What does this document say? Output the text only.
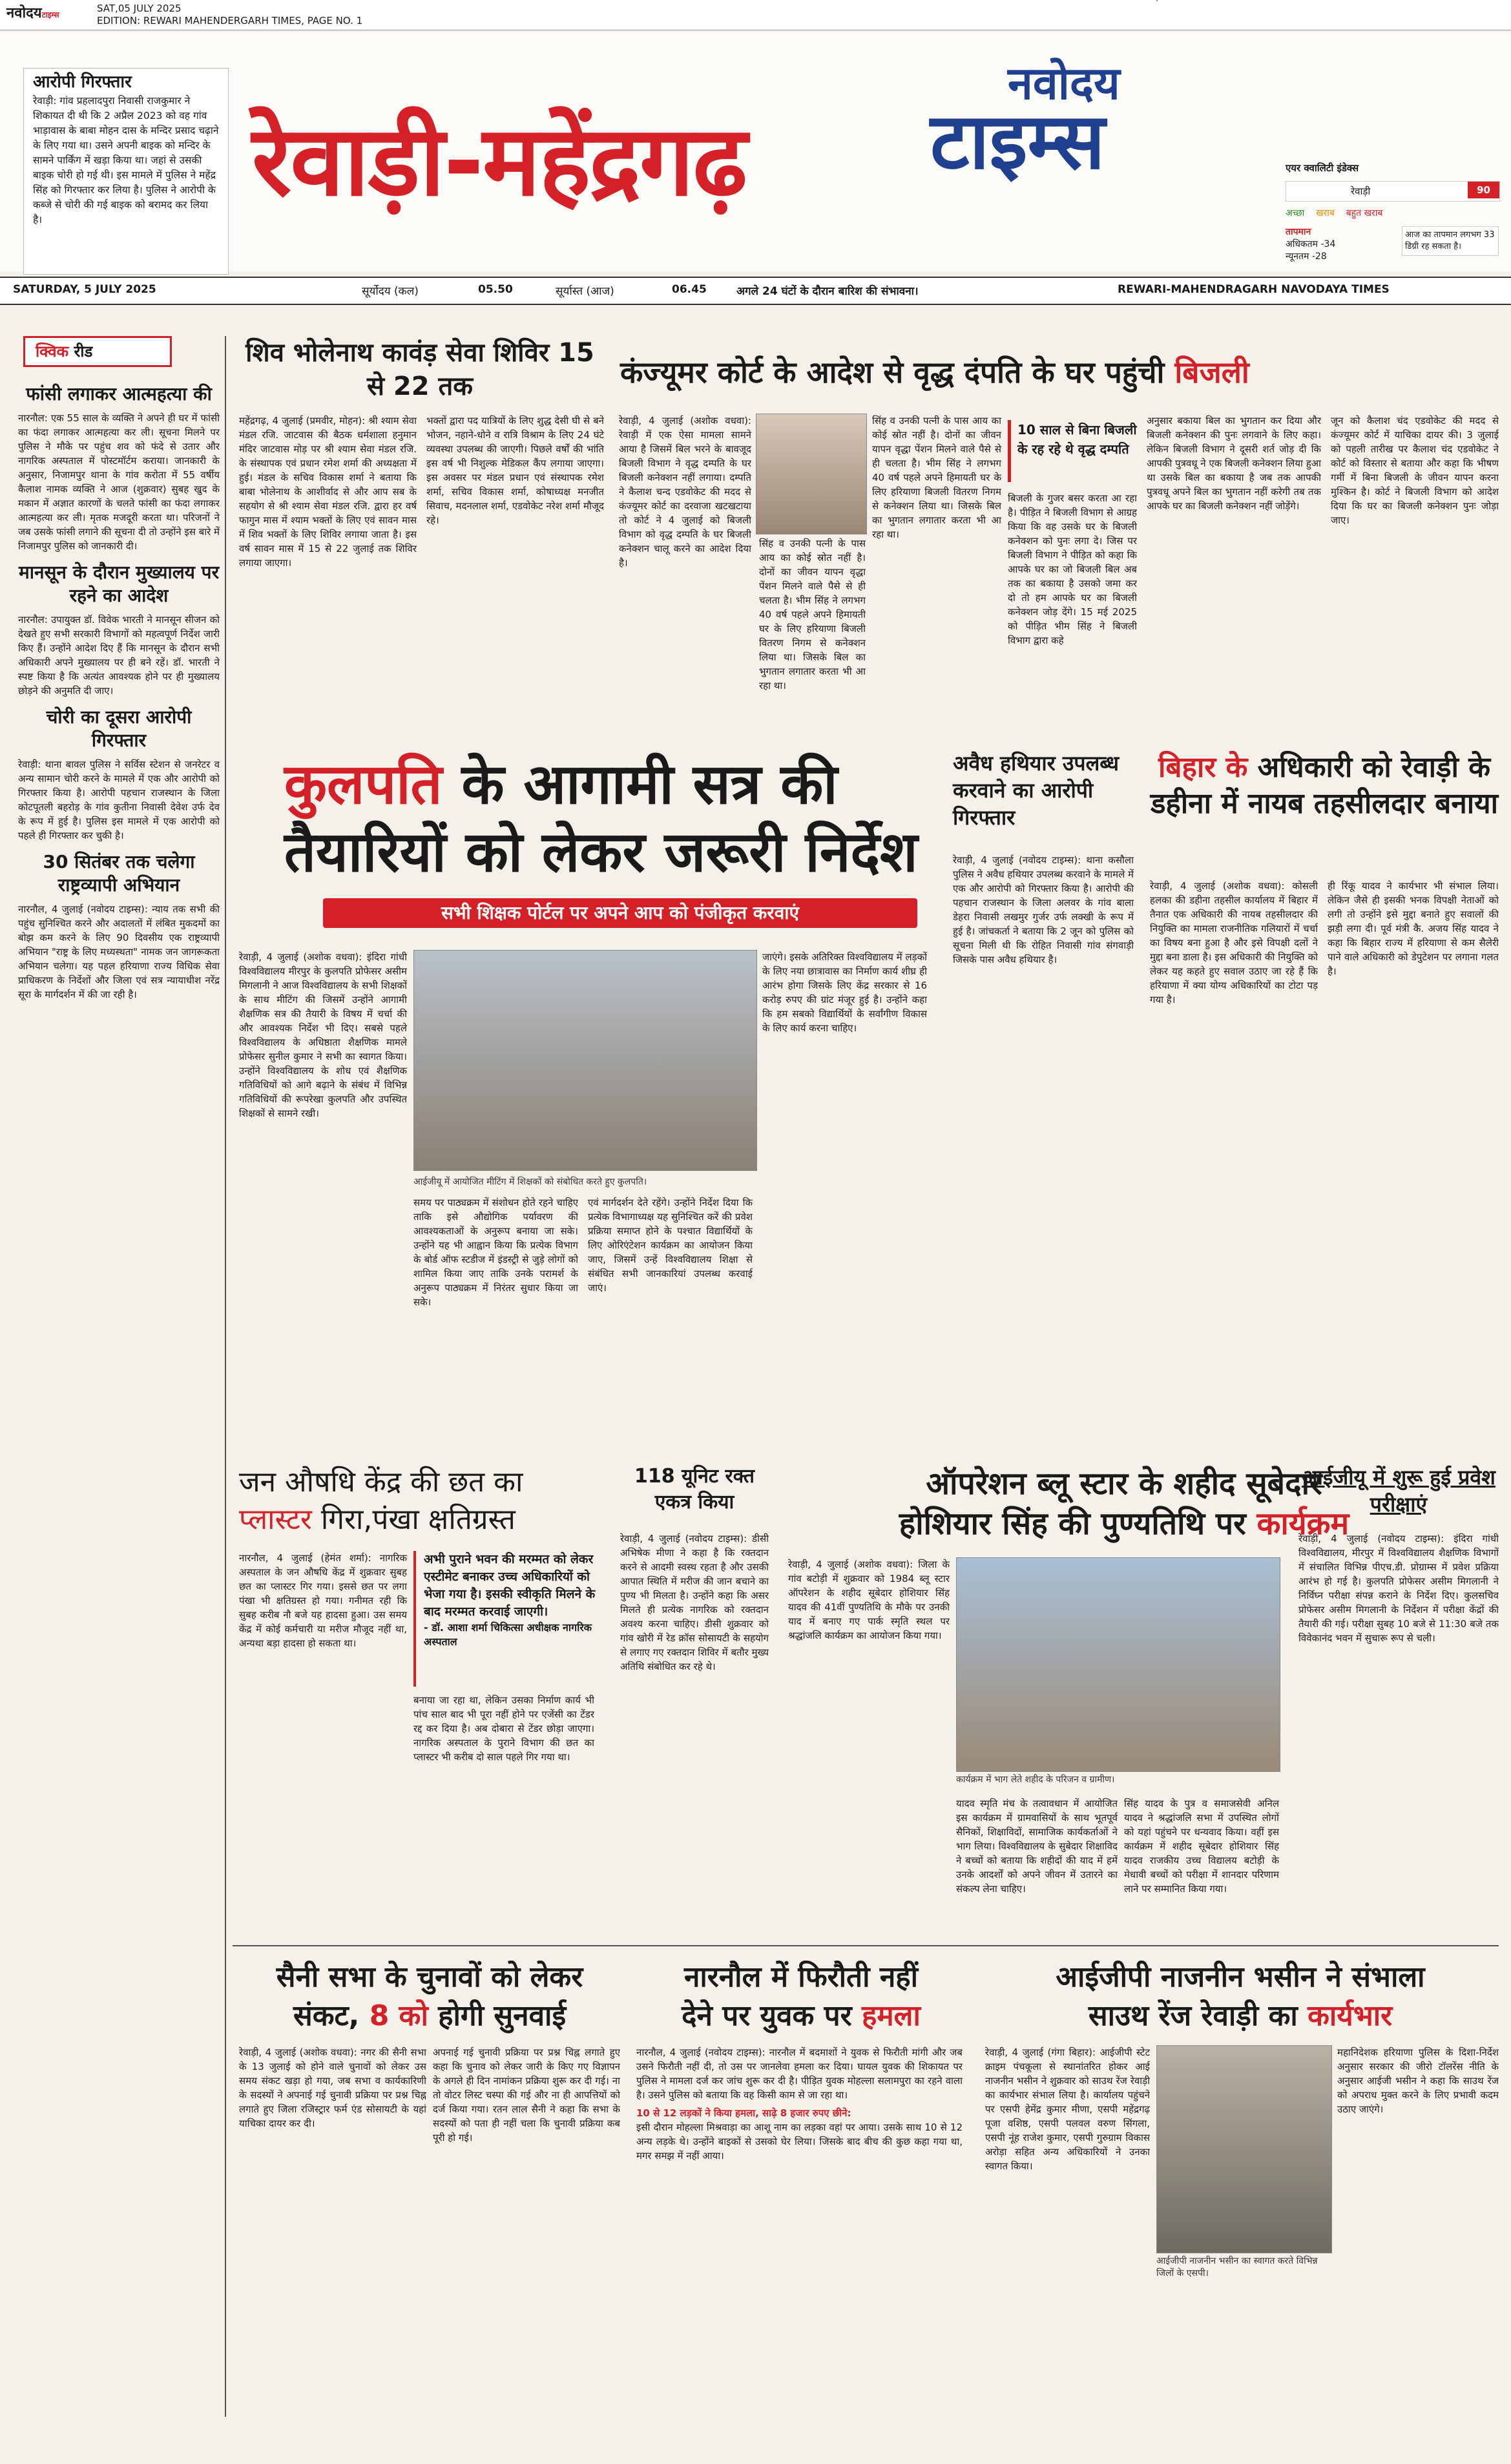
नवोदयटाइम्स
SAT,05 JULY 2025
EDITION: REWARI MAHENDERGARH TIMES, PAGE NO. 1
आरोपी गिरफ्तार
रेवाड़ी: गांव प्रहलादपुरा निवासी राजकुमार ने शिकायत दी थी कि 2 अप्रैल 2023 को वह गांव भाड़ावास के बाबा मोहन दास के मन्दिर प्रसाद चढ़ाने के लिए गया था। उसने अपनी बाइक को मन्दिर के सामने पार्किंग में खड़ा किया था। जहां से उसकी बाइक चोरी हो गई थी। इस मामले में पुलिस ने महेंद्र सिंह को गिरफ्तार कर लिया है। पुलिस ने आरोपी के कब्जे से चोरी की गई बाइक को बरामद कर लिया है।
रेवाड़ी-महेंद्रगढ़
नवोदय
टाइम्स	एयर क्वालिटी इंडेक्स
रेवाड़ी	90
अच्छा खराब बहुत खराब
तापमान
अधिकतम -34
न्यूनतम -28
आज का तापमान लगभग 33 डिग्री रह सकता है।
SATURDAY, 5 JULY 2025	सूर्योदय (कल)	05.50	सूर्यास्त (आज)	06.45	अगले 24 घंटों के दौरान बारिश की संभावना।	REWARI-MAHENDRAGARH NAVODAYA TIMES
क्विक रीड
फांसी लगाकर आत्महत्या की
नारनौल: एक 55 साल के व्यक्ति ने अपने ही घर में फांसी का फंदा लगाकर आत्महत्या कर ली। सूचना मिलने पर पुलिस ने मौके पर पहुंच शव को फंदे से उतार और नागरिक अस्पताल में पोस्टमॉर्टम कराया। जानकारी के अनुसार, निजामपुर थाना के गांव करोता में 55 वर्षीय कैलाश नामक व्यक्ति ने आज (शुक्रवार) सुबह खुद के मकान में अज्ञात कारणों के चलते फांसी का फंदा लगाकर आत्महत्या कर ली। मृतक मजदूरी करता था। परिजनों ने जब उसके फांसी लगाने की सूचना दी तो उन्होंने इस बारे में निजामपुर पुलिस को जानकारी दी।
मानसून के दौरान मुख्यालय पर रहने का आदेश
नारनौल: उपायुक्त डॉ. विवेक भारती ने मानसून सीजन को देखते हुए सभी सरकारी विभागों को महत्वपूर्ण निर्देश जारी किए हैं। उन्होंने आदेश दिए हैं कि मानसून के दौरान सभी अधिकारी अपने मुख्यालय पर ही बने रहें। डॉ. भारती ने स्पष्ट किया है कि अत्यंत आवश्यक होने पर ही मुख्यालय छोड़ने की अनुमति दी जाए।
चोरी का दूसरा आरोपी गिरफ्तार
रेवाड़ी: थाना बावल पुलिस ने सर्विस स्टेशन से जनरेटर व अन्य सामान चोरी करने के मामले में एक और आरोपी को गिरफ्तार किया है। आरोपी पहचान राजस्थान के जिला कोटपूतली बहरोड़ के गांव कुतीना निवासी देवेश उर्फ देव के रूप में हुई है। पुलिस इस मामले में एक आरोपी को पहले ही गिरफ्तार कर चुकी है।
30 सितंबर तक चलेगा राष्ट्रव्यापी अभियान
नारनौल, 4 जुलाई (नवोदय टाइम्स): न्याय तक सभी की पहुंच सुनिश्चित करने और अदालतों में लंबित मुकदमों का बोझ कम करने के लिए 90 दिवसीय एक राष्ट्रव्यापी अभियान "राष्ट्र के लिए मध्यस्थता" नामक जन जागरूकता अभियान चलेगा। यह पहल हरियाणा राज्य विधिक सेवा प्राधिकरण के निर्देशों और जिला एवं सत्र न्यायाधीश नरेंद्र सूरा के मार्गदर्शन में की जा रही है।
शिव भोलेनाथ कावंड़ सेवा शिविर 15 से 22 तक
महेंद्रगढ़, 4 जुलाई (प्रमवीर, मोहन): श्री श्याम सेवा मंडल रजि. जाटवास की बैठक धर्मशाला हनुमान मंदिर जाटवास मोड़ पर श्री श्याम सेवा मंडल रजि. के संस्थापक एवं प्रधान रमेश शर्मा की अध्यक्षता में हुई। मंडल के सचिव विकास शर्मा ने बताया कि बाबा भोलेनाथ के आशीर्वाद से और आप सब के सहयोग से श्री श्याम सेवा मंडल रजि. द्वारा हर वर्ष फागुन मास में श्याम भक्तों के लिए एवं सावन मास में शिव भक्तों के लिए शिविर लगाया जाता है। इस वर्ष सावन मास में 15 से 22 जुलाई तक शिविर लगाया जाएगा।
भक्तों द्वारा पद यात्रियों के लिए शुद्ध देसी घी से बने भोजन, नहाने-धोने व रात्रि विश्राम के लिए 24 घंटे व्यवस्था उपलब्ध की जाएगी। पिछले वर्षों की भांति इस वर्ष भी निशुल्क मेडिकल कैंप लगाया जाएगा। इस अवसर पर मंडल प्रधान एवं संस्थापक रमेश शर्मा, सचिव विकास शर्मा, कोषाध्यक्ष मनजीत सिवाच, मदनलाल शर्मा, एडवोकेट नरेश शर्मा मौजूद रहे।
कंज्यूमर कोर्ट के आदेश से वृद्ध दंपति के घर पहुंची बिजली
रेवाड़ी, 4 जुलाई (अशोक वधवा): रेवाड़ी में एक ऐसा मामला सामने आया है जिसमें बिल भरने के बावजूद बिजली विभाग ने वृद्ध दम्पति के घर बिजली कनेक्शन नहीं लगाया। दम्पति ने कैलाश चन्द एडवोकेट की मदद से कंज्यूमर कोर्ट का दरवाजा खटखटाया तो कोर्ट ने 4 जुलाई को बिजली विभाग को वृद्ध दम्पति के घर बिजली कनेक्शन चालू करने का आदेश दिया है।
सिंह व उनकी पत्नी के पास आय का कोई स्रोत नहीं है। दोनों का जीवन यापन वृद्धा पेंशन मिलने वाले पैसे से ही चलता है। भीम सिंह ने लगभग 40 वर्ष पहले अपने हिमायती घर के लिए हरियाणा बिजली वितरण निगम से कनेक्शन लिया था। जिसके बिल का भुगतान लगातार करता भी आ रहा था।
सिंह व उनकी पत्नी के पास आय का कोई स्रोत नहीं है। दोनों का जीवन यापन वृद्धा पेंशन मिलने वाले पैसे से ही चलता है। भीम सिंह ने लगभग 40 वर्ष पहले अपने हिमायती घर के लिए हरियाणा बिजली वितरण निगम से कनेक्शन लिया था। जिसके बिल का भुगतान लगातार करता भी आ रहा था।
10 साल से बिना बिजली के रह रहे थे वृद्ध दम्पति
बिजली के गुजर बसर करता आ रहा है। पीड़ित ने बिजली विभाग से आग्रह किया कि वह उसके घर के बिजली कनेक्शन को पुनः लगा दे। जिस पर बिजली विभाग ने पीड़ित को कहा कि आपके घर का जो बिजली बिल अब तक का बकाया है उसको जमा कर दो तो हम आपके घर का बिजली कनेक्शन जोड़ देंगे। 15 मई 2025 को पीड़ित भीम सिंह ने बिजली विभाग द्वारा कहे
अनुसार बकाया बिल का भुगतान कर दिया और बिजली कनेक्शन की पुनः लगवाने के लिए कहा। लेकिन बिजली विभाग ने दूसरी शर्त जोड़ दी कि आपकी पुत्रवधू ने एक बिजली कनेक्शन लिया हुआ था उसके बिल का बकाया है जब तक आपकी पुत्रवधू अपने बिल का भुगतान नहीं करेगी तब तक आपके घर का बिजली कनेक्शन नहीं जोड़ेंगे।
जून को कैलाश चंद एडवोकेट की मदद से कंज्यूमर कोर्ट में याचिका दायर की। 3 जुलाई को पहली तारीख पर कैलाश चंद एडवोकेट ने कोर्ट को विस्तार से बताया और कहा कि भीषण गर्मी में बिना बिजली के जीवन यापन करना मुश्किन है। कोर्ट ने बिजली विभाग को आदेश दिया कि घर का बिजली कनेक्शन पुनः जोड़ा जाए।
कुलपति के आगामी सत्र की
तैयारियों को लेकर जरूरी निर्देश
सभी शिक्षक पोर्टल पर अपने आप को पंजीकृत करवाएं
आईजीयू में आयोजित मीटिंग में शिक्षकों को संबोधित करते हुए कुलपति।
रेवाड़ी, 4 जुलाई (अशोक वधवा): इंदिरा गांधी विश्वविद्यालय मीरपुर के कुलपति प्रोफेसर असीम मिगलानी ने आज विश्वविद्यालय के सभी शिक्षकों के साथ मीटिंग की जिसमें उन्होंने आगामी शैक्षणिक सत्र की तैयारी के विषय में चर्चा की और आवश्यक निर्देश भी दिए। सबसे पहले विश्वविद्यालय के अधिष्ठाता शैक्षणिक मामले प्रोफेसर सुनील कुमार ने सभी का स्वागत किया। उन्होंने विश्वविद्यालय के शोध एवं शैक्षणिक गतिविधियों को आगे बढ़ाने के संबंध में विभिन्न गतिविधियों की रूपरेखा कुलपति और उपस्थित शिक्षकों से सामने रखी।
समय पर पाठ्यक्रम में संशोधन होते रहने चाहिए ताकि इसे औद्योगिक पर्यावरण की आवश्यकताओं के अनुरूप बनाया जा सके। उन्होंने यह भी आह्वान किया कि प्रत्येक विभाग के बोर्ड ऑफ स्टडीज में इंडस्ट्री से जुड़े लोगों को शामिल किया जाए ताकि उनके परामर्श के अनुरूप पाठ्यक्रम में निरंतर सुधार किया जा सके।
एवं मार्गदर्शन देते रहेंगे। उन्होंने निर्देश दिया कि प्रत्येक विभागाध्यक्ष यह सुनिश्चित करें की प्रवेश प्रक्रिया समाप्त होने के पश्चात विद्यार्थियों के लिए ओरिएंटेशन कार्यक्रम का आयोजन किया जाए, जिसमें उन्हें विश्वविद्यालय शिक्षा से संबंधित सभी जानकारियां उपलब्ध करवाई जाएं।
जाएंगे। इसके अतिरिक्त विश्वविद्यालय में लड़कों के लिए नया छात्रावास का निर्माण कार्य शीघ्र ही आरंभ होगा जिसके लिए केंद्र सरकार से 16 करोड़ रुपए की ग्रांट मंजूर हुई है। उन्होंने कहा कि हम सबको विद्यार्थियों के सर्वांगीण विकास के लिए कार्य करना चाहिए।
अवैध हथियार उपलब्ध करवाने का आरोपी गिरफ्तार
रेवाड़ी, 4 जुलाई (नवोदय टाइम्स): थाना कसौला पुलिस ने अवैध हथियार उपलब्ध करवाने के मामले में एक और आरोपी को गिरफ्तार किया है। आरोपी की पहचान राजस्थान के जिला अलवर के गांव बाला डेहरा निवासी लखमुर गुर्जर उर्फ लक्खी के रूप में हुई है। जांचकर्ता ने बताया कि 2 जून को पुलिस को सूचना मिली थी कि रोहित निवासी गांव संगवाड़ी जिसके पास अवैध हथियार है।
बिहार के अधिकारी को रेवाड़ी के डहीना में नायब तहसीलदार बनाया
रेवाड़ी, 4 जुलाई (अशोक वधवा): कोसली हलका की डहीना तहसील कार्यालय में बिहार में तैनात एक अधिकारी की नायब तहसीलदार की नियुक्ति का मामला राजनीतिक गलियारों में चर्चा का विषय बना हुआ है और इसे विपक्षी दलों ने मुद्दा बना डाला है। इस अधिकारी की नियुक्ति को लेकर यह कहते हुए सवाल उठाए जा रहे हैं कि हरियाणा में क्या योग्य अधिकारियों का टोटा पड़ गया है।
ही रिंकू यादव ने कार्यभार भी संभाल लिया। लेकिन जैसे ही इसकी भनक विपक्षी नेताओं को लगी तो उन्होंने इसे मुद्दा बनाते हुए सवालों की झड़ी लगा दी। पूर्व मंत्री कै. अजय सिंह यादव ने कहा कि बिहार राज्य में हरियाणा से कम सैलेरी पाने वाले अधिकारी को डेपुटेशन पर लगाना गलत है।
जन औषधि केंद्र की छत का
प्लास्टर गिरा,पंखा क्षतिग्रस्त
अभी पुराने भवन की मरम्मत को लेकर एस्टीमेट बनाकर उच्च अधिकारियों को भेजा गया है। इसकी स्वीकृति मिलने के बाद मरम्मत करवाई जाएगी।
- डॉ. आशा शर्मा चिकित्सा अधीक्षक नागरिक अस्पताल
नारनौल, 4 जुलाई (हेमंत शर्मा): नागरिक अस्पताल के जन औषधि केंद्र में शुक्रवार सुबह छत का प्लास्टर गिर गया। इससे छत पर लगा पंखा भी क्षतिग्रस्त हो गया। गनीमत रही कि सुबह करीब नौ बजे यह हादसा हुआ। उस समय केंद्र में कोई कर्मचारी या मरीज मौजूद नहीं था, अन्यथा बड़ा हादसा हो सकता था।
बनाया जा रहा था, लेकिन उसका निर्माण कार्य भी पांच साल बाद भी पूरा नहीं होने पर एजेंसी का टेंडर रद्द कर दिया है। अब दोबारा से टेंडर छोड़ा जाएगा। नागरिक अस्पताल के पुराने विभाग की छत का प्लास्टर भी करीब दो साल पहले गिर गया था।
118 यूनिट रक्त एकत्र किया
रेवाड़ी, 4 जुलाई (नवोदय टाइम्स): डीसी अभिषेक मीणा ने कहा है कि रक्तदान करने से आदमी स्वस्थ रहता है और उसकी आपात स्थिति में मरीज की जान बचाने का पुण्य भी मिलता है। उन्होंने कहा कि असर मिलते ही प्रत्येक नागरिक को रक्तदान अवश्य करना चाहिए। डीसी शुक्रवार को गांव खोरी में रेड क्रॉस सोसायटी के सहयोग से लगाए गए रक्तदान शिविर में बतौर मुख्य अतिथि संबोधित कर रहे थे।
ऑपरेशन ब्लू स्टार के शहीद सूबेदार
होशियार सिंह की पुण्यतिथि पर कार्यक्रम
कार्यक्रम में भाग लेते शहीद के परिजन व ग्रामीण।
रेवाड़ी, 4 जुलाई (अशोक वधवा): जिला के गांव बटोड़ी में शुक्रवार को 1984 ब्लू स्टार ऑपरेशन के शहीद सूबेदार होशियार सिंह यादव की 41वीं पुण्यतिथि के मौके पर उनकी याद में बनाए गए पार्क स्मृति स्थल पर श्रद्धांजलि कार्यक्रम का आयोजन किया गया।
यादव स्मृति मंच के तत्वावधान में आयोजित इस कार्यक्रम में ग्रामवासियों के साथ भूतपूर्व सैनिकों, शिक्षाविदों, सामाजिक कार्यकर्ताओं ने भाग लिया। विश्वविद्यालय के सुबेदार शिक्षाविद ने बच्चों को बताया कि शहीदों की याद में हमें उनके आदर्शों को अपने जीवन में उतारने का संकल्प लेना चाहिए।
सिंह यादव के पुत्र व समाजसेवी अनिल यादव ने श्रद्धांजलि सभा में उपस्थित लोगों को यहां पहुंचने पर धन्यवाद किया। वहीं इस कार्यक्रम में शहीद सूबेदार होशियार सिंह यादव राजकीय उच्च विद्यालय बटोड़ी के मेधावी बच्चों को परीक्षा में शानदार परिणाम लाने पर सम्मानित किया गया।
आईजीयू में शुरू हुई प्रवेश परीक्षाएं
रेवाड़ी, 4 जुलाई (नवोदय टाइम्स): इंदिरा गांधी विश्वविद्यालय, मीरपुर में विश्वविद्यालय शैक्षणिक विभागों में संचालित विभिन्न पीएच.डी. प्रोग्राम्स में प्रवेश प्रक्रिया आरंभ हो गई है। कुलपति प्रोफेसर असीम मिगलानी ने निर्विघ्न परीक्षा संपन्न कराने के निर्देश दिए। कुलसचिव प्रोफेसर असीम मिगलानी के निर्देशन में परीक्षा केंद्रों की तैयारी की गई। परीक्षा सुबह 10 बजे से 11:30 बजे तक विवेकानंद भवन में सुचारू रूप से चली।
सैनी सभा के चुनावों को लेकर
संकट, 8 को होगी सुनवाई
रेवाड़ी, 4 जुलाई (अशोक वधवा): नगर की सैनी सभा के 13 जुलाई को होने वाले चुनावों को लेकर उस समय संकट खड़ा हो गया, जब सभा व कार्यकारिणी के सदस्यों ने अपनाई गई चुनावी प्रक्रिया पर प्रश्न चिह्न लगाते हुए जिला रजिस्ट्रार फर्म एंड सोसायटी के यहां याचिका दायर कर दी।
अपनाई गई चुनावी प्रक्रिया पर प्रश्न चिह्न लगाते हुए कहा कि चुनाव को लेकर जारी के किए गए विज्ञापन के अगले ही दिन नामांकन प्रक्रिया शुरू कर दी गई। ना तो वोटर लिस्ट चस्पा की गई और ना ही आपत्तियों को दर्ज किया गया। रतन लाल सैनी ने कहा कि सभा के सदस्यों को पता ही नहीं चला कि चुनावी प्रक्रिया कब पूरी हो गई।
नारनौल में फिरौती नहीं
देने पर युवक पर हमला
नारनौल, 4 जुलाई (नवोदय टाइम्स): नारनौल में बदमाशों ने युवक से फिरौती मांगी और जब उसने फिरौती नहीं दी, तो उस पर जानलेवा हमला कर दिया। घायल युवक की शिकायत पर पुलिस ने मामला दर्ज कर जांच शुरू कर दी है। पीड़ित युवक मोहल्ला सलामपुरा का रहने वाला है। उसने पुलिस को बताया कि वह किसी काम से जा रहा था।
10 से 12 लड़कों ने किया हमला, साढ़े 8 हजार रुपए छीने:
इसी दौरान मोहल्ला मिश्रवाड़ा का आशू नाम का लड़का वहां पर आया। उसके साथ 10 से 12 अन्य लड़के थे। उन्होंने बाइकों से उसको घेर लिया। जिसके बाद बीच की कुछ कहा गया था, मगर समझ में नहीं आया।
आईजीपी नाजनीन भसीन ने संभाला
साउथ रेंज रेवाड़ी का कार्यभार
आईजीपी नाजनीन भसीन का स्वागत करते विभिन्न जिलों के एसपी।
रेवाड़ी, 4 जुलाई (गंगा बिहार): आईजीपी स्टेट क्राइम पंचकूला से स्थानांतरित होकर आई नाजनीन भसीन ने शुक्रवार को साउथ रेंज रेवाड़ी का कार्यभार संभाल लिया है। कार्यालय पहुंचने पर एसपी हेमेंद्र कुमार मीणा, एसपी महेंद्रगढ़ पूजा वशिष्ठ, एसपी पलवल वरुण सिंगला, एसपी नूंह राजेश कुमार, एसपी गुरुग्राम विकास अरोड़ा सहित अन्य अधिकारियों ने उनका स्वागत किया।
महानिदेशक हरियाणा पुलिस के दिशा-निर्देश अनुसार सरकार की जीरो टॉलरेंस नीति के अनुसार आईजी भसीन ने कहा कि साउथ रेंज को अपराध मुक्त करने के लिए प्रभावी कदम उठाए जाएंगे।
